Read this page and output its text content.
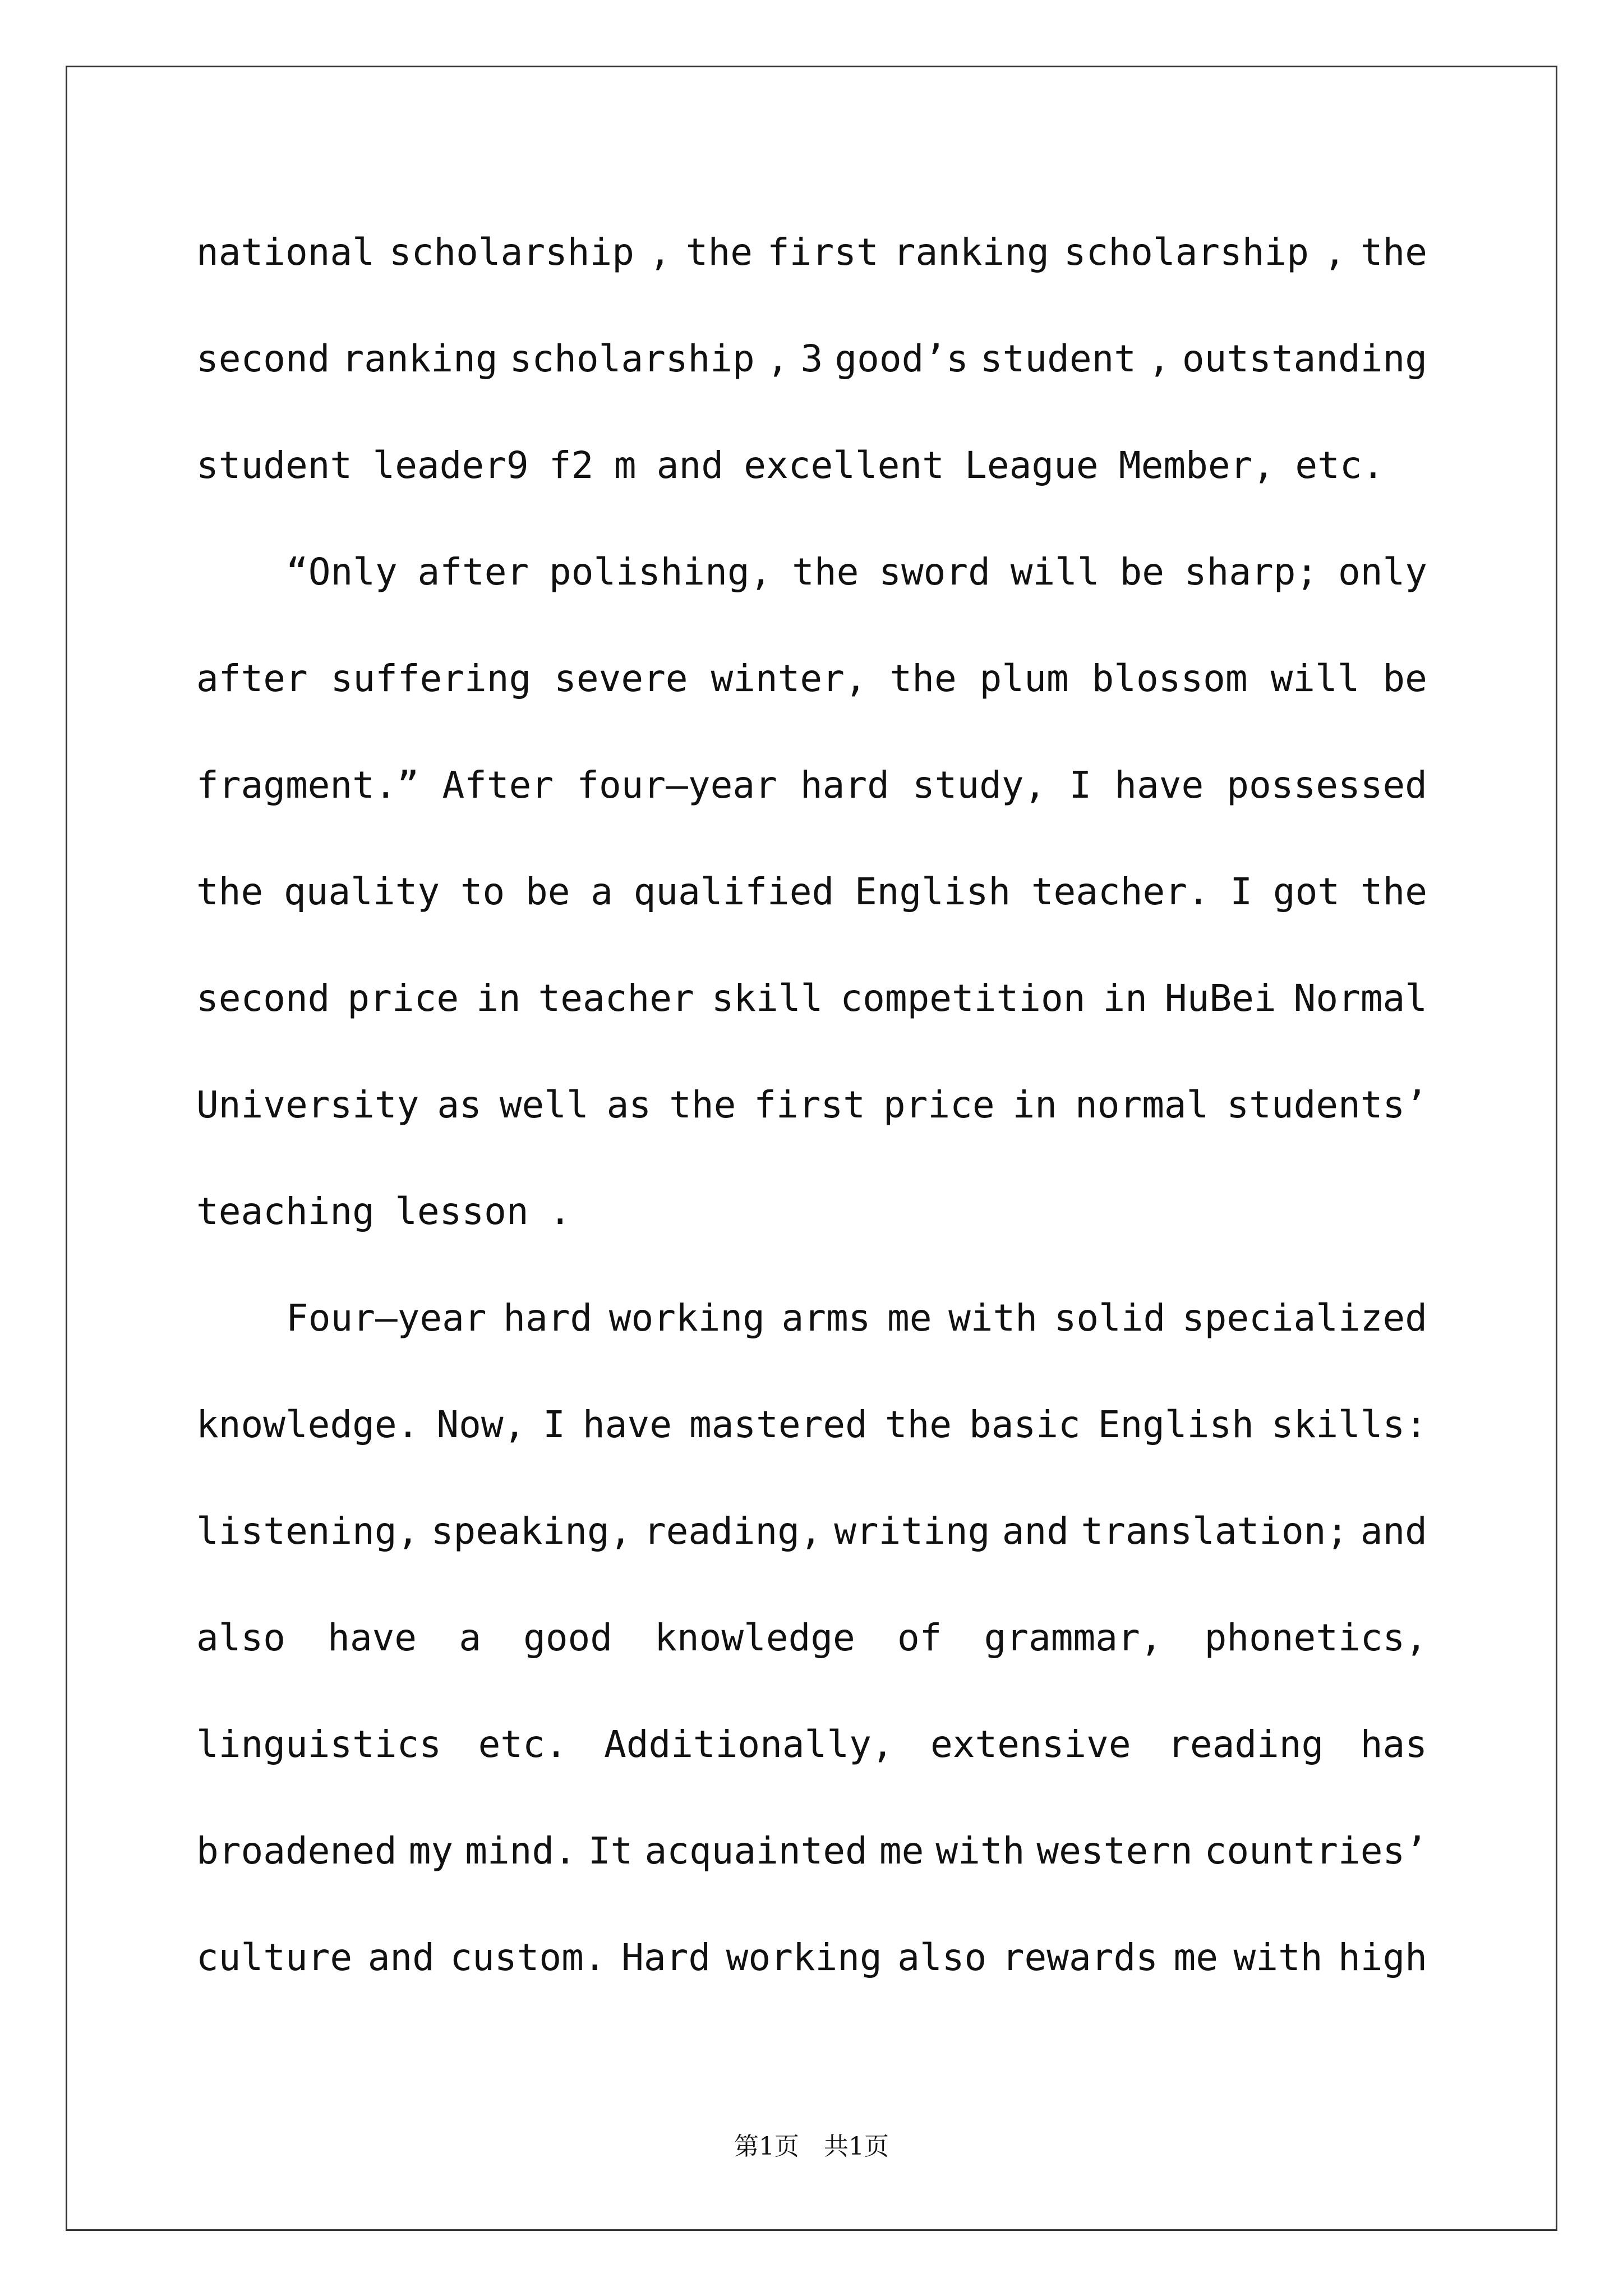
national scholarship , the first ranking scholarship , the
second ranking scholarship , 3 good’s student , outstanding
student leader9 f2 m and excellent League Member, etc.
“Only after polishing, the sword will be sharp; only
after suffering severe winter, the plum blossom will be
fragment.” After four—year hard study, I have possessed
the quality to be a qualified English teacher. I got the
second price in teacher skill competition in HuBei Normal
University as well as the first price in normal students’
teaching lesson .
Four—year hard working arms me with solid specialized
knowledge. Now, I have mastered the basic English skills:
listening, speaking, reading, writing and translation; and
also have a good knowledge of grammar, phonetics,
linguistics etc. Additionally, extensive reading has
broadened my mind. It acquainted me with western countries’
culture and custom. Hard working also rewards me with high
第1页　共1页
